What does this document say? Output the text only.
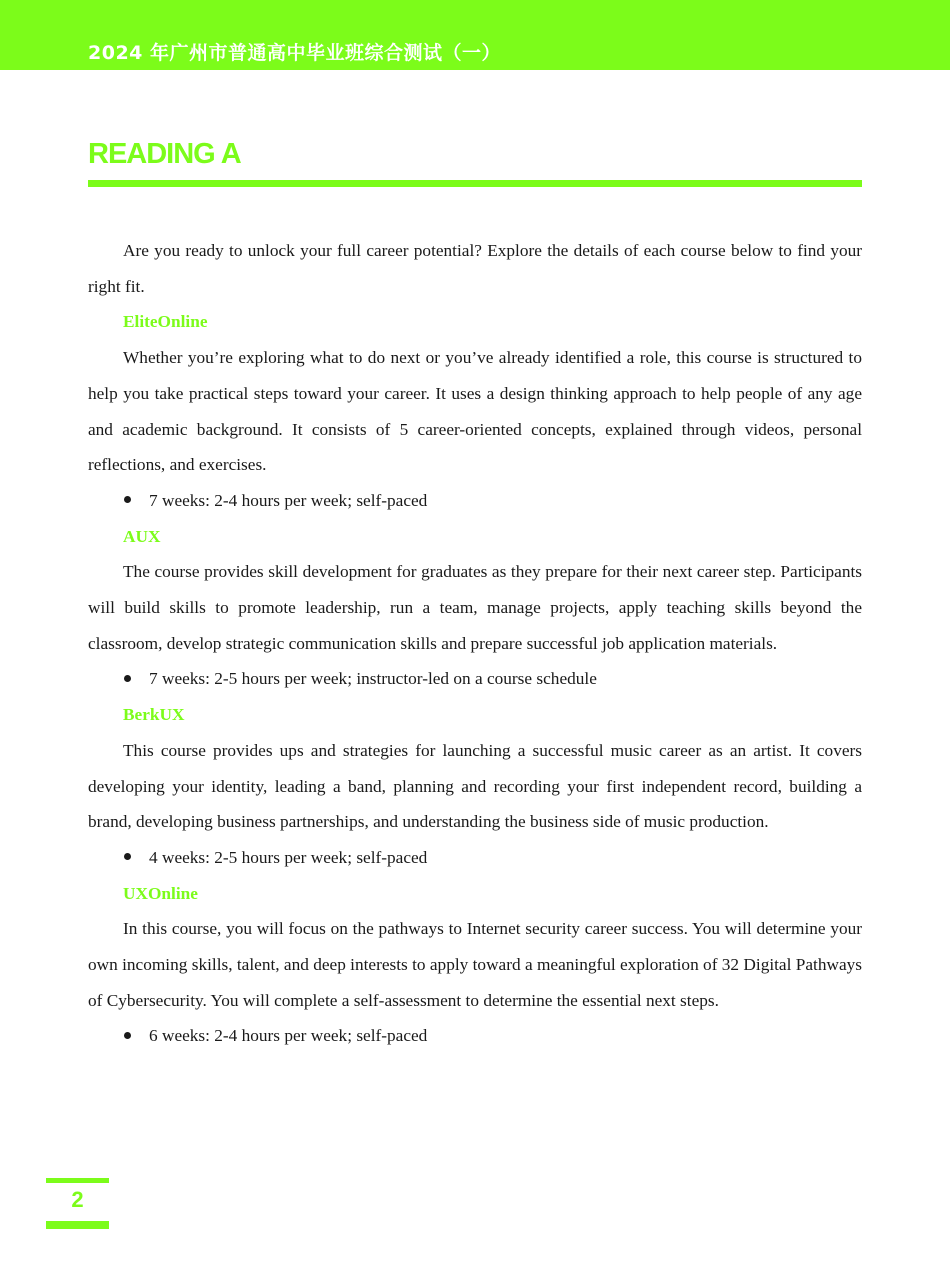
2024 年广州市普通高中毕业班综合测试（一）
READING A

Are you ready to unlock your full career potential? Explore the details of each course below to find your right fit.

EliteOnline

Whether you’re exploring what to do next or you’ve already identified a role, this course is structured to help you take practical steps toward your career. It uses a design thinking approach to help people of any age and academic background. It consists of 5 career-oriented concepts, explained through videos, personal reflections, and exercises.

7 weeks: 2-4 hours per week; self-paced

AUX

The course provides skill development for graduates as they prepare for their next career step. Participants will build skills to promote leadership, run a team, manage projects, apply teaching skills beyond the classroom, develop strategic communication skills and prepare successful job application materials.

7 weeks: 2-5 hours per week; instructor-led on a course schedule

BerkUX

This course provides ups and strategies for launching a successful music career as an artist. It covers developing your identity, leading a band, planning and recording your first independent record, building a brand, developing business partnerships, and understanding the business side of music production.

4 weeks: 2-5 hours per week; self-paced

UXOnline

In this course, you will focus on the pathways to Internet security career success. You will determine your own incoming skills, talent, and deep interests to apply toward a meaningful exploration of 32 Digital Pathways of Cybersecurity. You will complete a self-assessment to determine the essential next steps.

6 weeks: 2-4 hours per week; self-paced

2
